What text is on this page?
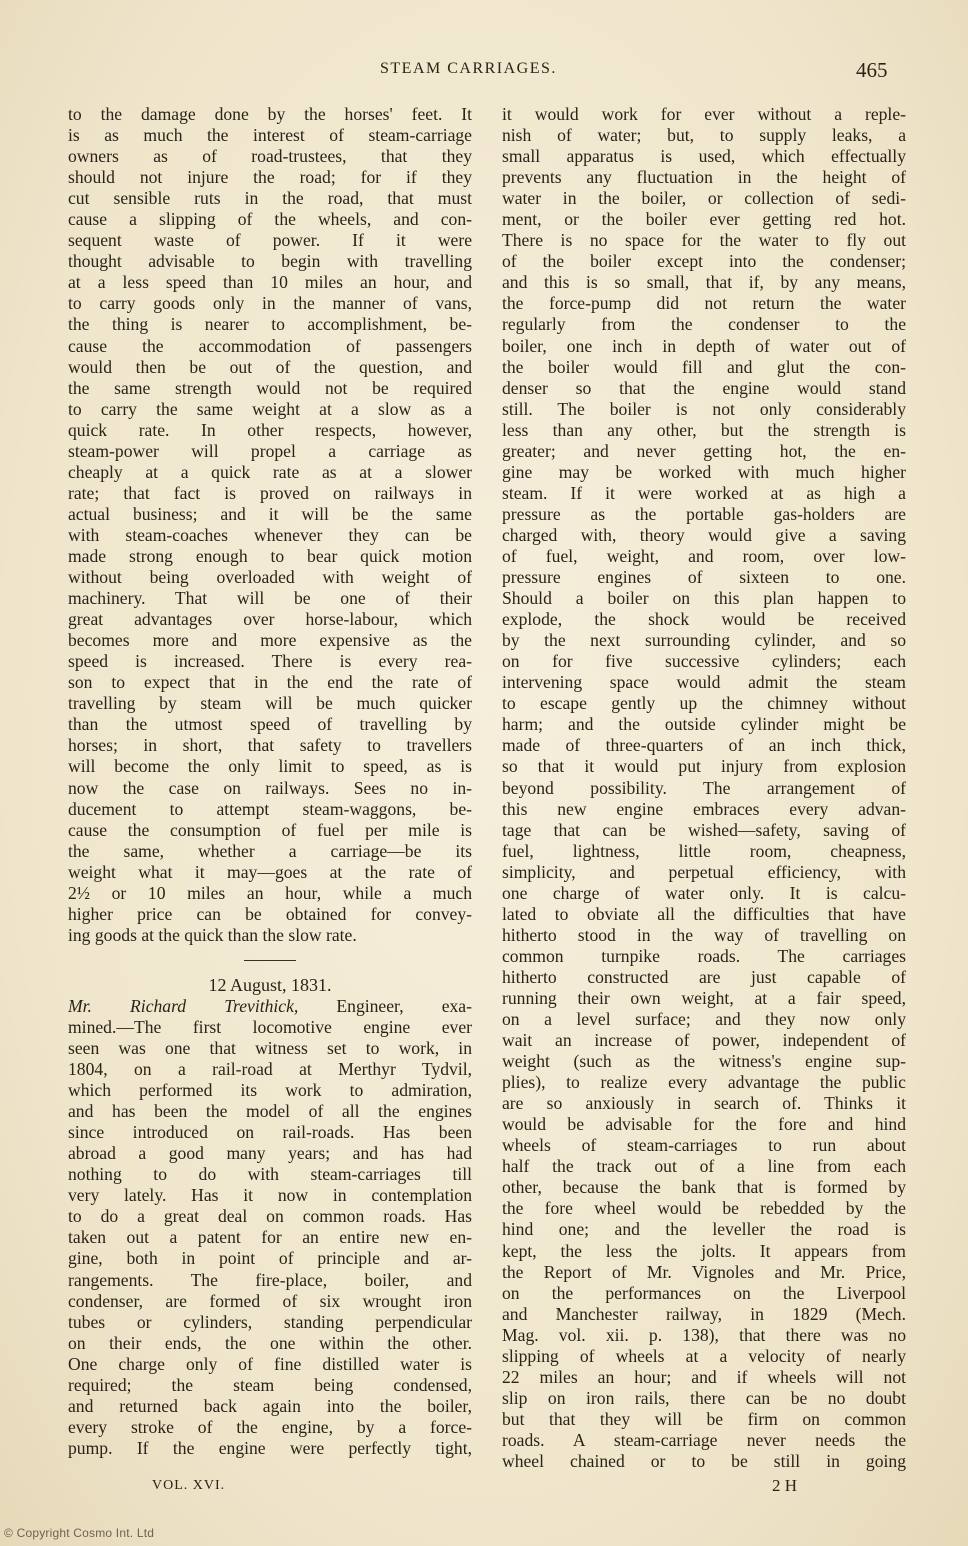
STEAM CARRIAGES.	465
to the damage done by the horses' feet. It
is as much the interest of steam-carriage
owners as of road-trustees, that they
should not injure the road; for if they
cut sensible ruts in the road, that must
cause a slipping of the wheels, and con-
sequent waste of power. If it were
thought advisable to begin with travelling
at a less speed than 10 miles an hour, and
to carry goods only in the manner of vans,
the thing is nearer to accomplishment, be-
cause the accommodation of passengers
would then be out of the question, and
the same strength would not be required
to carry the same weight at a slow as a
quick rate. In other respects, however,
steam-power will propel a carriage as
cheaply at a quick rate as at a slower
rate; that fact is proved on railways in
actual business; and it will be the same
with steam-coaches whenever they can be
made strong enough to bear quick motion
without being overloaded with weight of
machinery. That will be one of their
great advantages over horse-labour, which
becomes more and more expensive as the
speed is increased. There is every rea-
son to expect that in the end the rate of
travelling by steam will be much quicker
than the utmost speed of travelling by
horses; in short, that safety to travellers
will become the only limit to speed, as is
now the case on railways. Sees no in-
ducement to attempt steam-waggons, be-
cause the consumption of fuel per mile is
the same, whether a carriage—be its
weight what it may—goes at the rate of
2½ or 10 miles an hour, while a much
higher price can be obtained for convey-
ing goods at the quick than the slow rate.
12 August, 1831.
Mr. Richard Trevithick, Engineer, exa-
mined.—The first locomotive engine ever
seen was one that witness set to work, in
1804, on a rail-road at Merthyr Tydvil,
which performed its work to admiration,
and has been the model of all the engines
since introduced on rail-roads. Has been
abroad a good many years; and has had
nothing to do with steam-carriages till
very lately. Has it now in contemplation
to do a great deal on common roads. Has
taken out a patent for an entire new en-
gine, both in point of principle and ar-
rangements. The fire-place, boiler, and
condenser, are formed of six wrought iron
tubes or cylinders, standing perpendicular
on their ends, the one within the other.
One charge only of fine distilled water is
required; the steam being condensed,
and returned back again into the boiler,
every stroke of the engine, by a force-
pump. If the engine were perfectly tight,
it would work for ever without a reple-
nish of water; but, to supply leaks, a
small apparatus is used, which effectually
prevents any fluctuation in the height of
water in the boiler, or collection of sedi-
ment, or the boiler ever getting red hot.
There is no space for the water to fly out
of the boiler except into the condenser;
and this is so small, that if, by any means,
the force-pump did not return the water
regularly from the condenser to the
boiler, one inch in depth of water out of
the boiler would fill and glut the con-
denser so that the engine would stand
still. The boiler is not only considerably
less than any other, but the strength is
greater; and never getting hot, the en-
gine may be worked with much higher
steam. If it were worked at as high a
pressure as the portable gas-holders are
charged with, theory would give a saving
of fuel, weight, and room, over low-
pressure engines of sixteen to one.
Should a boiler on this plan happen to
explode, the shock would be received
by the next surrounding cylinder, and so
on for five successive cylinders; each
intervening space would admit the steam
to escape gently up the chimney without
harm; and the outside cylinder might be
made of three-quarters of an inch thick,
so that it would put injury from explosion
beyond possibility. The arrangement of
this new engine embraces every advan-
tage that can be wished—safety, saving of
fuel, lightness, little room, cheapness,
simplicity, and perpetual efficiency, with
one charge of water only. It is calcu-
lated to obviate all the difficulties that have
hitherto stood in the way of travelling on
common turnpike roads. The carriages
hitherto constructed are just capable of
running their own weight, at a fair speed,
on a level surface; and they now only
wait an increase of power, independent of
weight (such as the witness's engine sup-
plies), to realize every advantage the public
are so anxiously in search of. Thinks it
would be advisable for the fore and hind
wheels of steam-carriages to run about
half the track out of a line from each
other, because the bank that is formed by
the fore wheel would be rebedded by the
hind one; and the leveller the road is
kept, the less the jolts. It appears from
the Report of Mr. Vignoles and Mr. Price,
on the performances on the Liverpool
and Manchester railway, in 1829 (Mech.
Mag. vol. xii. p. 138), that there was no
slipping of wheels at a velocity of nearly
22 miles an hour; and if wheels will not
slip on iron rails, there can be no doubt
but that they will be firm on common
roads. A steam-carriage never needs the
wheel chained or to be still in going
VOL. XVI.	2 H
© Copyright Cosmo Int. Ltd
